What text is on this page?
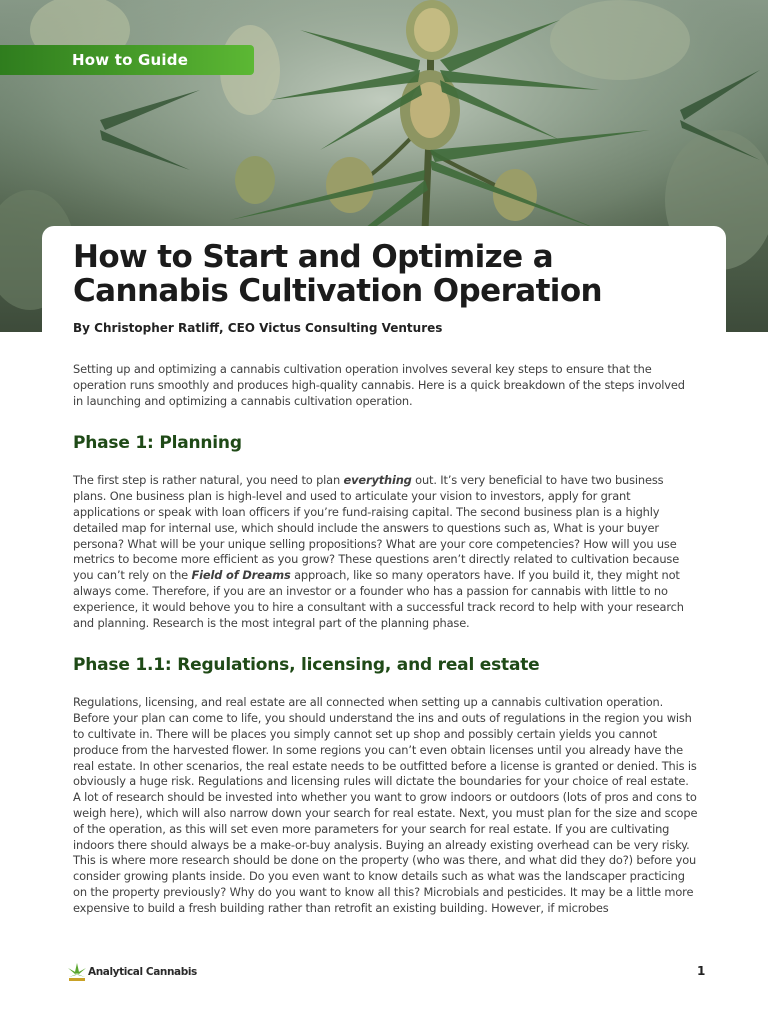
How to Guide
How to Start and Optimize a
Cannabis Cultivation Operation

By Christopher Ratliff, CEO Victus Consulting Ventures

Setting up and optimizing a cannabis cultivation operation involves several key steps to ensure that the operation runs smoothly and produces high-quality cannabis. Here is a quick breakdown of the steps involved in launching and optimizing a cannabis cultivation operation.

Phase 1: Planning

The first step is rather natural, you need to plan everything out. It’s very beneficial to have two business plans. One business plan is high-level and used to articulate your vision to investors, apply for grant applications or speak with loan officers if you’re fund-raising capital. The second business plan is a highly detailed map for internal use, which should include the answers to questions such as, What is your buyer persona? What will be your unique selling propositions? What are your core competencies? How will you use metrics to become more efficient as you grow? These questions aren’t directly related to cultivation because you can’t rely on the Field of Dreams approach, like so many operators have. If you build it, they might not always come. Therefore, if you are an investor or a founder who has a passion for cannabis with little to no experience, it would behove you to hire a consultant with a successful track record to help with your research and planning. Research is the most integral part of the planning phase.

Phase 1.1: Regulations, licensing, and real estate

Regulations, licensing, and real estate are all connected when setting up a cannabis cultivation operation. Before your plan can come to life, you should understand the ins and outs of regulations in the region you wish to cultivate in. There will be places you simply cannot set up shop and possibly certain yields you cannot produce from the harvested flower. In some regions you can’t even obtain licenses until you already have the real estate. In other scenarios, the real estate needs to be outfitted before a license is granted or denied. This is obviously a huge risk. Regulations and licensing rules will dictate the boundaries for your choice of real estate. A lot of research should be invested into whether you want to grow indoors or outdoors (lots of pros and cons to weigh here), which will also narrow down your search for real estate. Next, you must plan for the size and scope of the operation, as this will set even more parameters for your search for real estate. If you are cultivating indoors there should always be a make-or-buy analysis. Buying an already existing overhead can be very risky. This is where more research should be done on the property (who was there, and what did they do?) before you consider growing plants inside. Do you even want to know details such as what was the landscaper practicing on the property previously? Why do you want to know all this? Microbials and pesticides. It may be a little more expensive to build a fresh building rather than retrofit an existing building. However, if microbes

Analytical Cannabis	1
